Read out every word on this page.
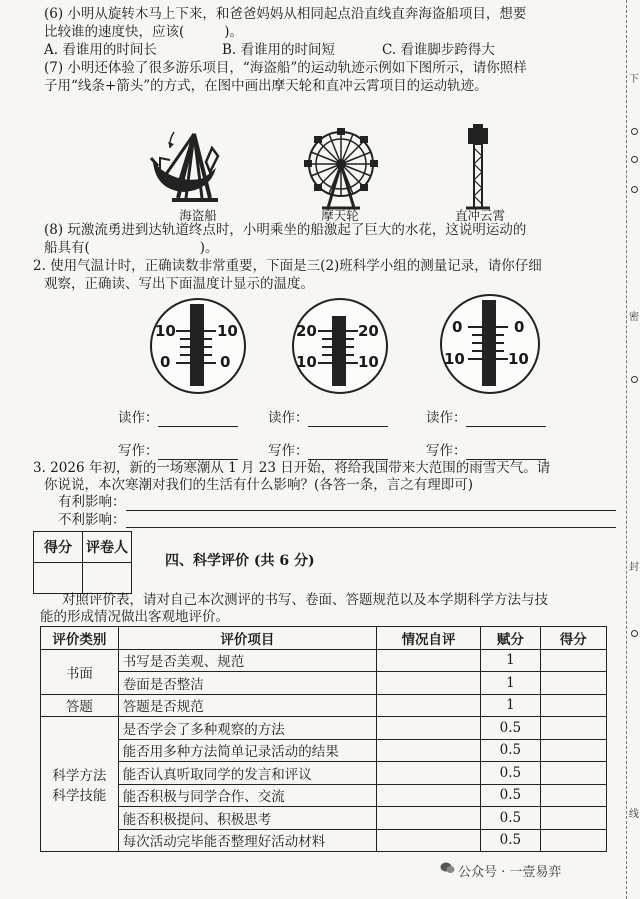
下
密
封
线
(6) 小明从旋转木马上下来，和爸爸妈妈从相同起点沿直线直奔海盗船项目，想要
比较谁的速度快，应该(	)。
A. 看谁用的时间长	B. 看谁用的时间短	C. 看谁脚步跨得大
(7) 小明还体验了很多游乐项目，“海盗船”的运动轨迹示例如下图所示，请你照样
子用“线条+箭头”的方式，在图中画出摩天轮和直冲云霄项目的运动轨迹。
海盗船	摩天轮	直冲云霄
(8) 玩激流勇进到达轨道终点时，小明乘坐的船激起了巨大的水花，这说明运动的
船具有(	)。
2. 使用气温计时，正确读数非常重要，下面是三(2)班科学小组的测量记录，请你仔细
观察，正确读、写出下面温度计显示的温度。
10	10
0	0
20	20
10	10
0	0
10	10
读作：	读作：	读作：
写作：	写作：	写作：
3. 2026 年初，新的一场寒潮从 1 月 23 日开始，将给我国带来大范围的雨雪天气。请
你说说，本次寒潮对我们的生活有什么影响？(各答一条，言之有理即可)
有利影响：
不利影响：
得分	评卷人

四、科学评价 (共 6 分)
对照评价表，请对自己本次测评的书写、卷面、答题规范以及本学期科学方法与技
能的形成情况做出客观地评价。
评价类别	评价项目	情况自评	赋分	得分
书面	书写是否美观、规范		1	
	卷面是否整洁		1	
答题	答题是否规范		1	

科学方法
科学技能	是否学会了多种观察的方法		0.5	
	能否用多种方法简单记录活动的结果		0.5	
	能否认真听取同学的发言和评议		0.5	
	能否积极与同学合作、交流		0.5	
	能否积极提问、积极思考		0.5	
	每次活动完毕能否整理好活动材料		0.5	
公众号 · 一壹易弈
